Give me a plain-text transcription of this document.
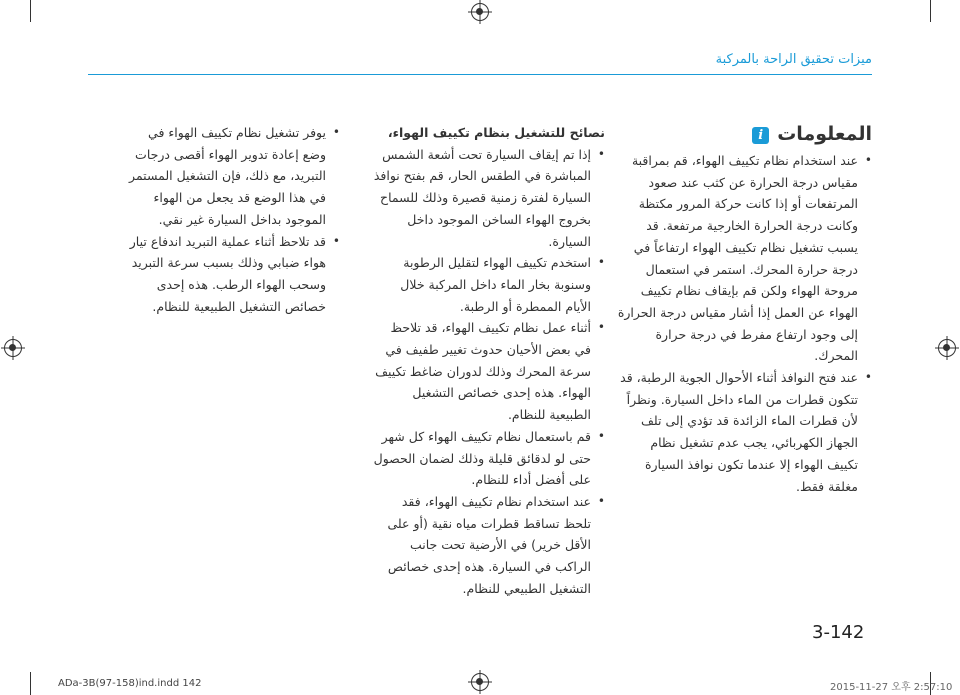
ميزات تحقيق الراحة بالمركبة
المعلومات
i
• عند استخدام نظام تكييف الهواء، قم بمراقبة مقياس درجة الحرارة عن كثب عند صعود المرتفعات أو إذا كانت حركة المرور مكتظة وكانت درجة الحرارة الخارجية مرتفعة. قد يسبب تشغيل نظام تكييف الهواء ارتفاعاً في درجة حرارة المحرك. استمر في استعمال مروحة الهواء ولكن قم بإيقاف نظام تكييف الهواء عن العمل إذا أشار مقياس درجة الحرارة إلى وجود ارتفاع مفرط في درجة حرارة المحرك.
• عند فتح النوافذ أثناء الأحوال الجوية الرطبة، قد تتكون قطرات من الماء داخل السيارة. ونظراً لأن قطرات الماء الزائدة قد تؤدي إلى تلف الجهاز الكهربائي، يجب عدم تشغيل نظام تكييف الهواء إلا عندما تكون نوافذ السيارة مغلقة فقط.
نصائح للتشغيل بنظام تكييف الهواء،
• إذا تم إيقاف السيارة تحت أشعة الشمس المباشرة في الطقس الحار، قم بفتح نوافذ السيارة لفترة زمنية قصيرة وذلك للسماح بخروج الهواء الساخن الموجود داخل السيارة.
• استخدم تكييف الهواء لتقليل الرطوبة وسنوبة بخار الماء داخل المركبة خلال الأيام الممطرة أو الرطبة.
• أثناء عمل نظام تكييف الهواء، قد تلاحظ في بعض الأحيان حدوث تغيير طفيف في سرعة المحرك وذلك لدوران ضاغط تكييف الهواء. هذه إحدى خصائص التشغيل الطبيعية للنظام.
• قم باستعمال نظام تكييف الهواء كل شهر حتى لو لدقائق قليلة وذلك لضمان الحصول على أفضل أداء للنظام.
• عند استخدام نظام تكييف الهواء، فقد تلحظ تساقط قطرات مياه نقية (أو على الأقل خرير) في الأرضية تحت جانب الراكب في السيارة. هذه إحدى خصائص التشغيل الطبيعي للنظام.
• يوفر تشغيل نظام تكييف الهواء في وضع إعادة تدوير الهواء أقصى درجات التبريد، مع ذلك، فإن التشغيل المستمر في هذا الوضع قد يجعل من الهواء الموجود بداخل السيارة غير نقي.
• قد تلاحظ أثناء عملية التبريد اندفاع تيار هواء ضبابي وذلك بسبب سرعة التبريد وسحب الهواء الرطب. هذه إحدى خصائص التشغيل الطبيعية للنظام.
3-142
ADa-3B(97-158)ind.indd 142	2015-11-27 오후 2:57:10
